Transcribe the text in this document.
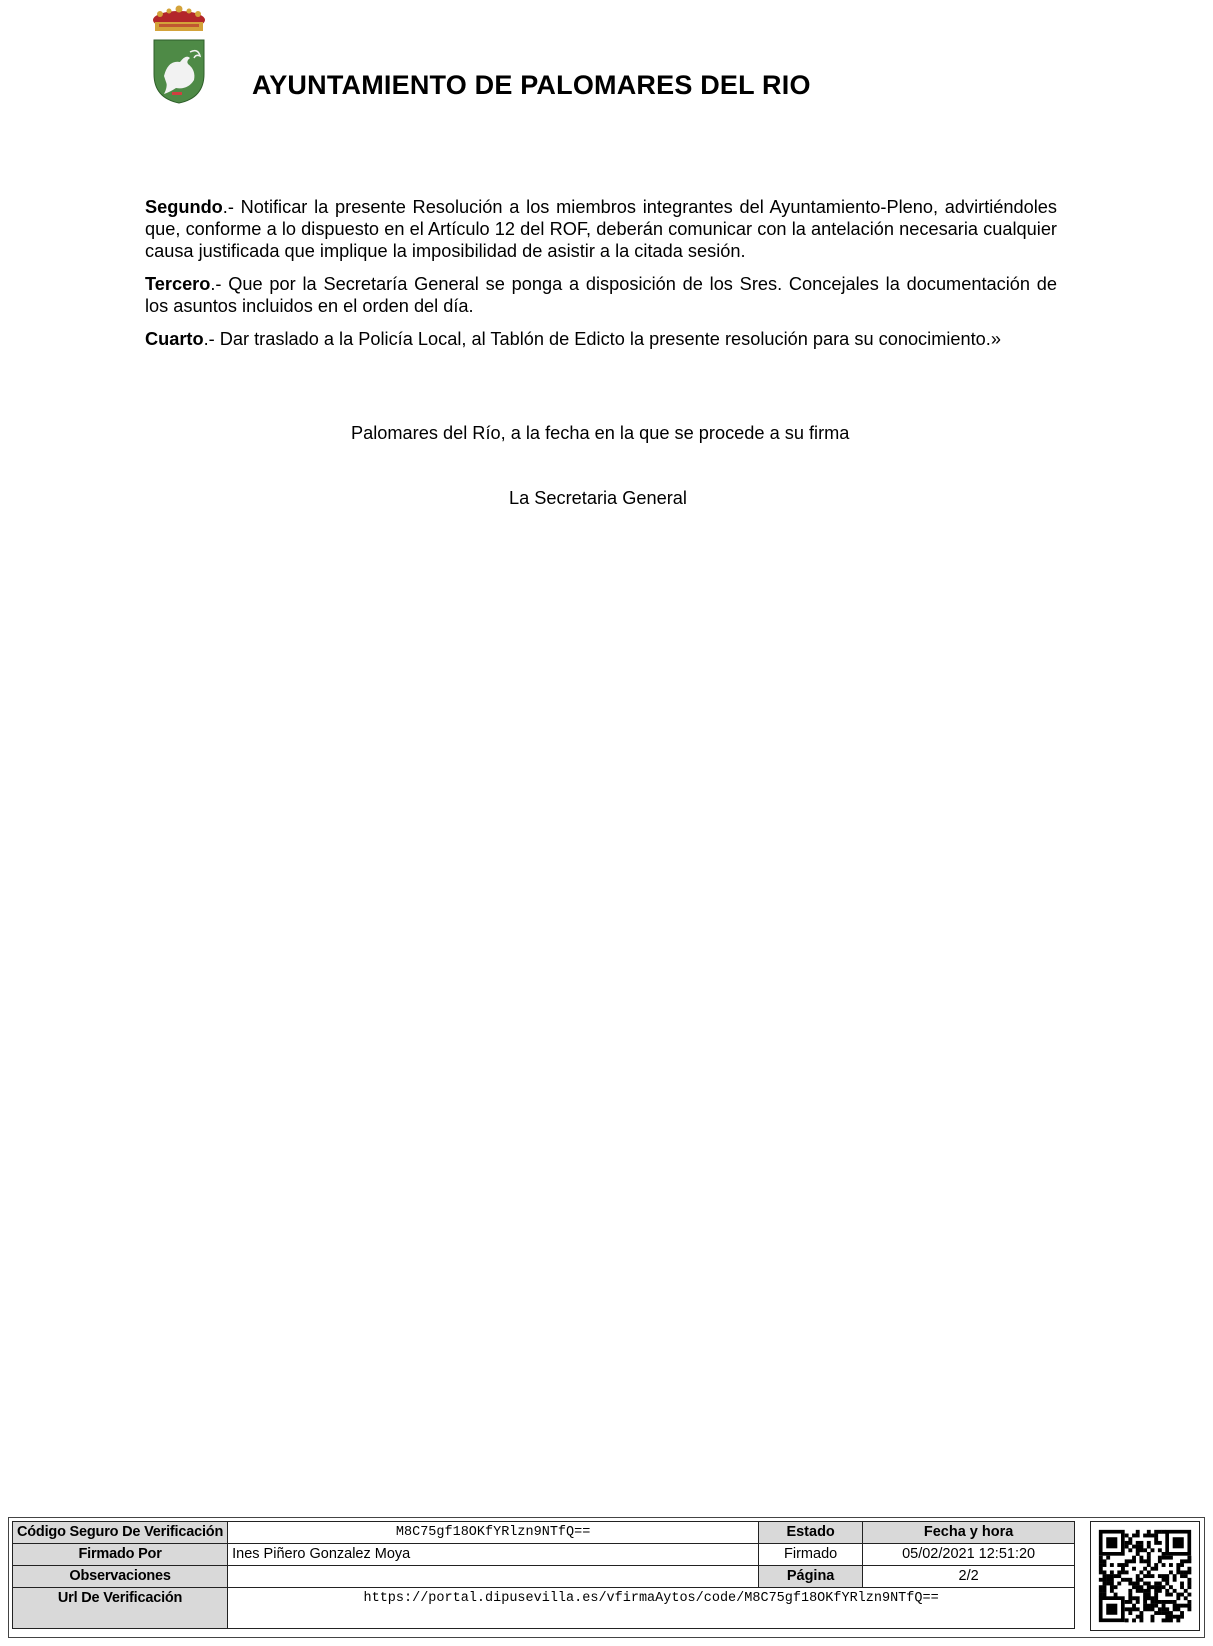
AYUNTAMIENTO DE PALOMARES DEL RIO

Segundo.- Notificar la presente Resolución a los miembros integrantes del Ayuntamiento-Pleno, advirtiéndoles que, conforme a lo dispuesto en el Artículo 12 del ROF, deberán comunicar con la antelación necesaria cualquier causa justificada que implique la imposibilidad de asistir a la citada sesión.

Tercero.- Que por la Secretaría General se ponga a disposición de los Sres. Concejales la documentación de los asuntos incluidos en el orden del día.

Cuarto.- Dar traslado a la Policía Local, al Tablón de Edicto la presente resolución para su conocimiento.»

Palomares del Río, a la fecha en la que se procede a su firma
La Secretaria General
Código Seguro De Verificación	M8C75gf18OKfYRlzn9NTfQ==	Estado	Fecha y hora
Firmado Por	Ines Piñero Gonzalez Moya	Firmado	05/02/2021 12:51:20
Observaciones		Página	2/2
Url De Verificación	https://portal.dipusevilla.es/vfirmaAytos/code/M8C75gf18OKfYRlzn9NTfQ==		
